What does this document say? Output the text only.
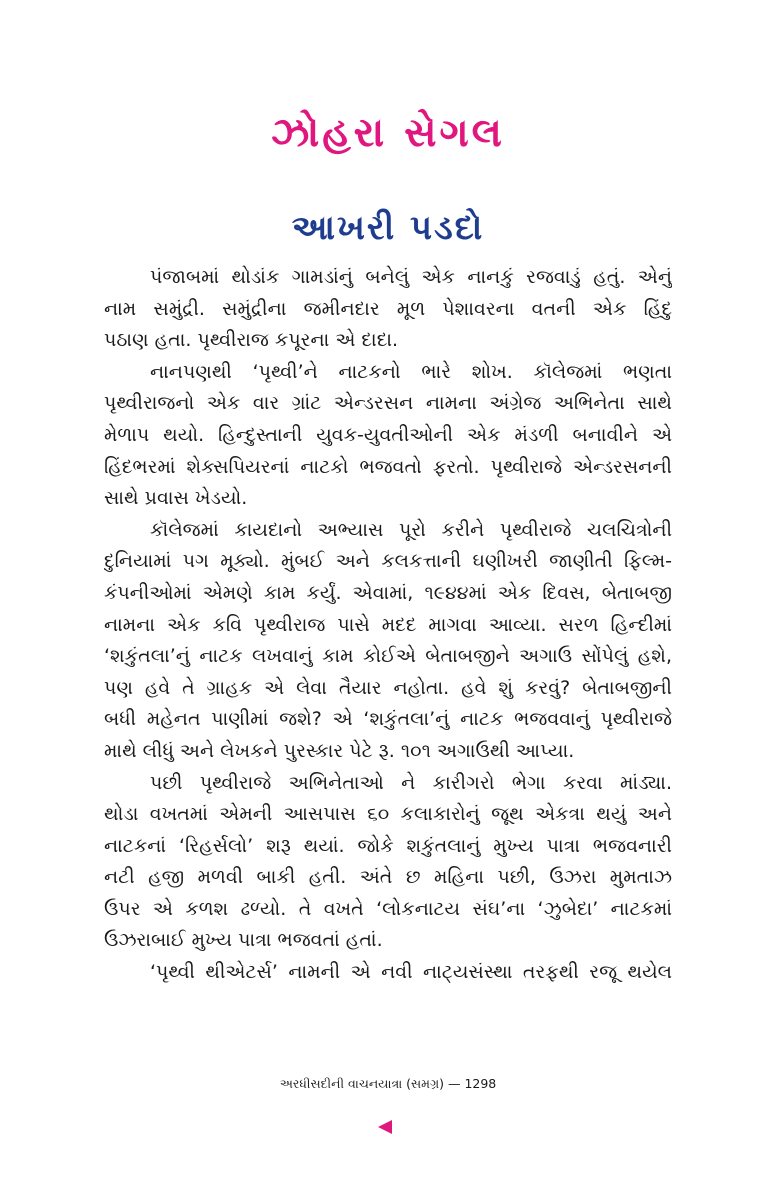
ઝોહરા સેગલ
આખરી પડદો

પંજાબમાં થોડાંક ગામડાંનું બનેલું એક નાનકું રજવાડું હતું. એનું
નામ સમુંદ્રી. સમુંદ્રીના જમીનદાર મૂળ પેશાવરના વતની એક હિંદુ
પઠાણ હતા. પૃથ્વીરાજ કપૂરના એ દાદા.

નાનપણથી ‘પૃથ્વી’ને નાટકનો ભારે શોખ. કૉલેજમાં ભણતા
પૃથ્વીરાજનો એક વાર ગ્રાંટ એન્ડરસન નામના અંગ્રેજ અભિનેતા સાથે
મેળાપ થયો. હિન્દુસ્તાની યુવક-યુવતીઓની એક મંડળી બનાવીને એ
હિંદભરમાં શેક્સપિયરનાં નાટકો ભજવતો ફરતો. પૃથ્વીરાજે એન્ડરસનની
સાથે પ્રવાસ ખેડયો.

કૉલેજમાં કાયદાનો અભ્યાસ પૂરો કરીને પૃથ્વીરાજે ચલચિત્રોની
દુનિયામાં પગ મૂક્યો. મુંબઈ અને કલકત્તાની ઘણીખરી જાણીતી ફિલ્મ-
કંપનીઓમાં એમણે કામ કર્યું. એવામાં, ૧૯૪૪માં એક દિવસ, બેતાબજી
નામના એક કવિ પૃથ્વીરાજ પાસે મદદ માગવા આવ્યા. સરળ હિન્દીમાં
‘શકુંતલા’નું નાટક લખવાનું કામ કોઈએ બેતાબજીને અગાઉ સોંપેલું હશે,
પણ હવે તે ગ્રાહક એ લેવા તૈયાર નહોતા. હવે શું કરવું? બેતાબજીની
બધી મહેનત પાણીમાં જશે? એ ‘શકુંતલા’નું નાટક ભજવવાનું પૃથ્વીરાજે
માથે લીધું અને લેખકને પુરસ્કાર પેટે રૂ. ૧૦૧ અગાઉથી આપ્યા.

પછી પૃથ્વીરાજે અભિનેતાઓ ને કારીગરો ભેગા કરવા માંડ્યા.
થોડા વખતમાં એમની આસપાસ ૬૦ કલાકારોનું જૂથ એકત્રા થયું અને
નાટકનાં ‘રિહર્સલો’ શરૂ થયાં. જોકે શકુંતલાનું મુખ્ય પાત્રા ભજવનારી
નટી હજી મળવી બાકી હતી. અંતે છ મહિના પછી, ઉઝરા મુમતાઝ
ઉપર એ કળશ ઢળ્યો. તે વખતે ‘લોકનાટય સંઘ’ના ‘ઝુબેદા’ નાટકમાં
ઉઝરાબાઈ મુખ્ય પાત્રા ભજવતાં હતાં.

‘પૃથ્વી થીએટર્સ’ નામની એ નવી નાટ્યસંસ્થા તરફથી રજૂ થયેલ

અરધીસદીની વાચનયાત્રા (સમગ્ર) — 1298
